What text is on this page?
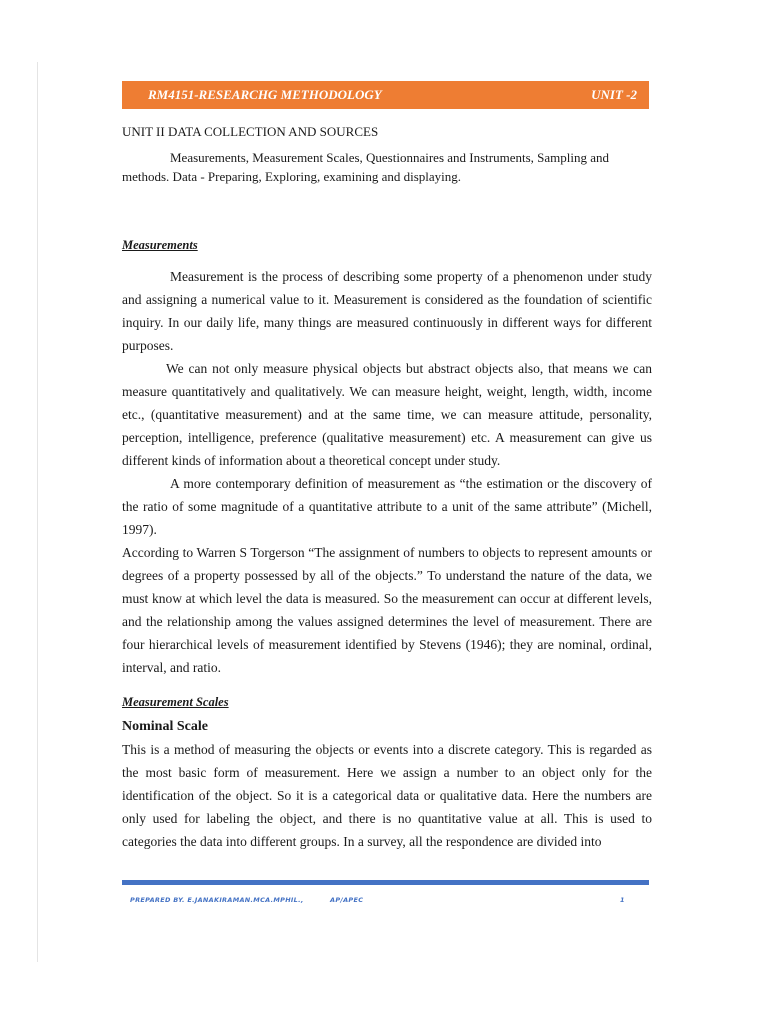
RM4151-RESEARCHG METHODOLOGY	UNIT -2

UNIT II DATA COLLECTION AND SOURCES

Measurements, Measurement Scales, Questionnaires and Instruments, Sampling and methods. Data - Preparing, Exploring, examining and displaying.

Measurements

Measurement is the process of describing some property of a phenomenon under study and assigning a numerical value to it. Measurement is considered as the foundation of scientific inquiry. In our daily life, many things are measured continuously in different ways for different purposes.

We can not only measure physical objects but abstract objects also, that means we can measure quantitatively and qualitatively. We can measure height, weight, length, width, income etc., (quantitative measurement) and at the same time, we can measure attitude, personality, perception, intelligence, preference (qualitative measurement) etc. A measurement can give us different kinds of information about a theoretical concept under study.

A more contemporary definition of measurement as “the estimation or the discovery of the ratio of some magnitude of a quantitative attribute to a unit of the same attribute” (Michell, 1997).

According to Warren S Torgerson “The assignment of numbers to objects to represent amounts or degrees of a property possessed by all of the objects.” To understand the nature of the data, we must know at which level the data is measured. So the measurement can occur at different levels, and the relationship among the values assigned determines the level of measurement. There are four hierarchical levels of measurement identified by Stevens (1946); they are nominal, ordinal, interval, and ratio.

Measurement Scales

Nominal Scale

This is a method of measuring the objects or events into a discrete category. This is regarded as the most basic form of measurement. Here we assign a number to an object only for the identification of the object. So it is a categorical data or qualitative data. Here the numbers are only used for labeling the object, and there is no quantitative value at all. This is used to categories the data into different groups. In a survey, all the respondence are divided into

PREPARED BY. E.JANAKIRAMAN.MCA.MPHIL.,	AP/APEC	1
